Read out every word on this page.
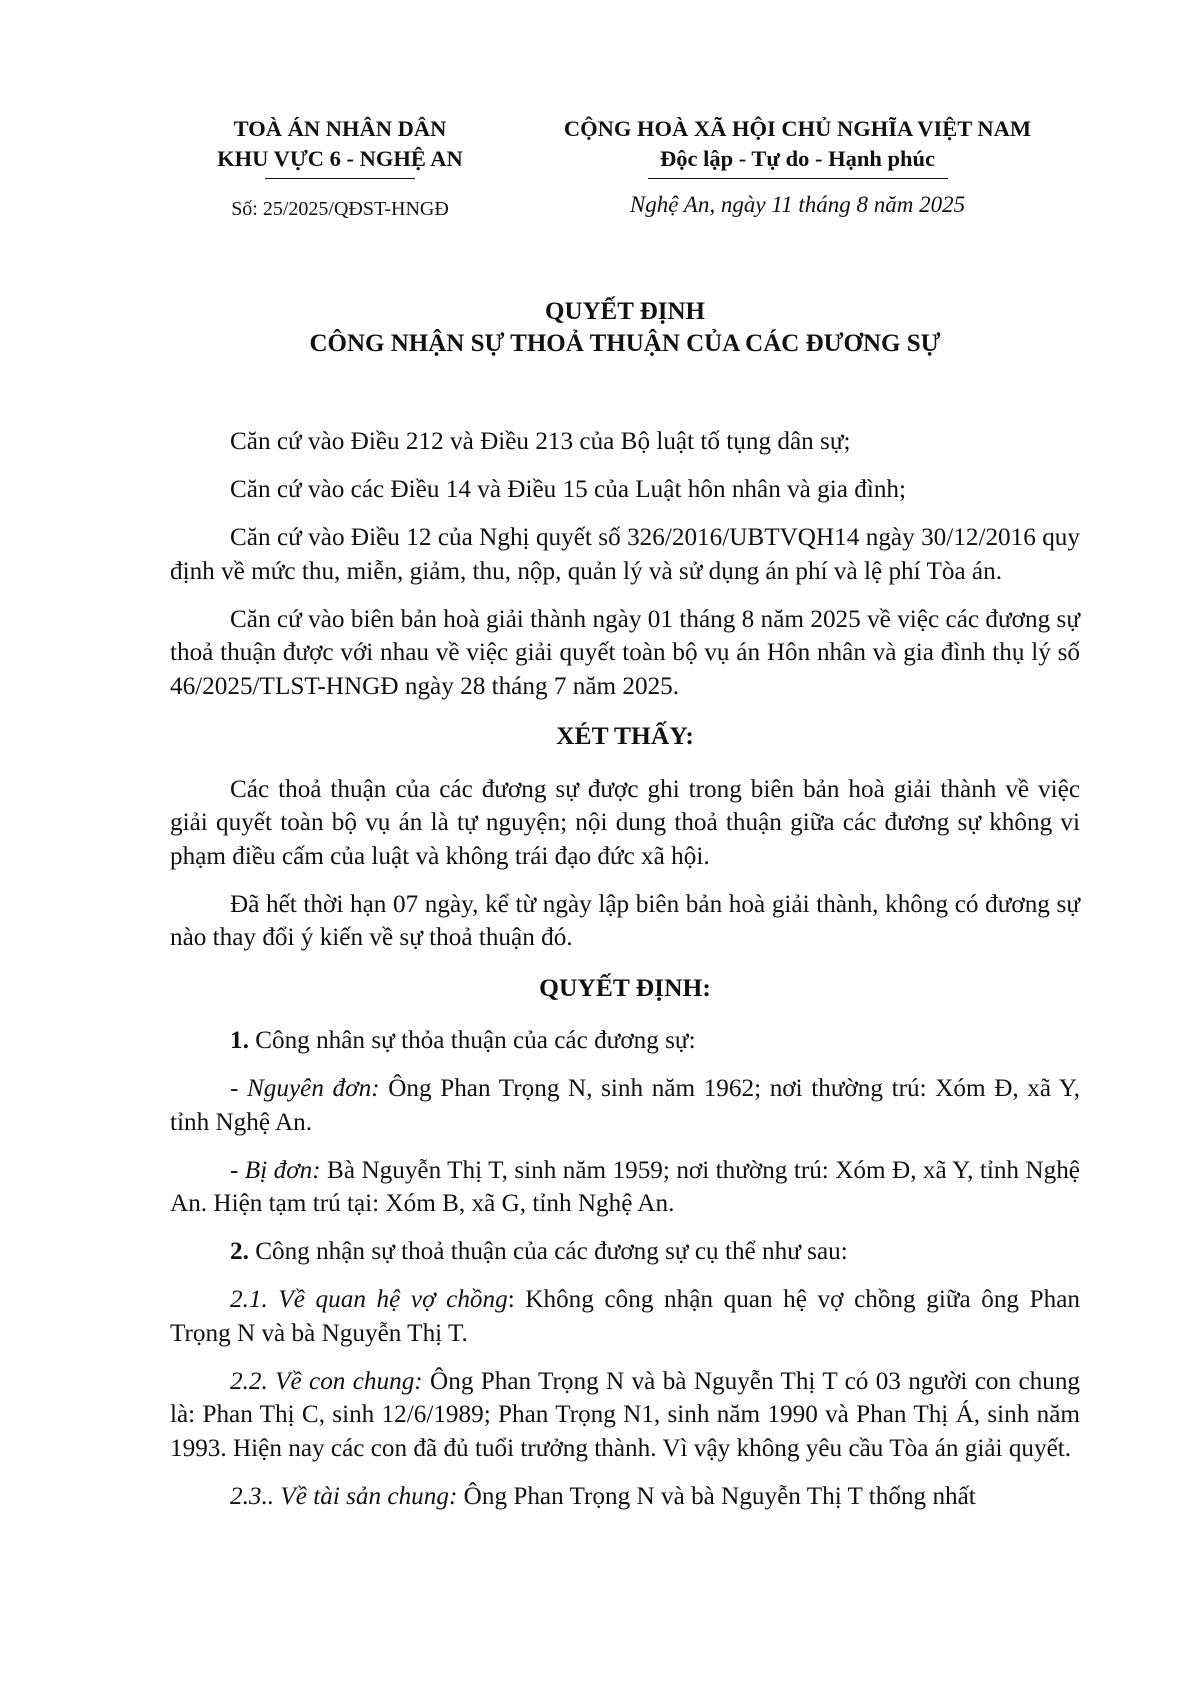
TOÀ ÁN NHÂN DÂN
KHU VỰC 6 - NGHỆ AN
CỘNG HOÀ XÃ HỘI CHỦ NGHĨA VIỆT NAM
Độc lập - Tự do - Hạnh phúc
Số: 25/2025/QĐST-HNGĐ	Nghệ An, ngày 11 tháng 8 năm 2025
QUYẾT ĐỊNH
CÔNG NHẬN SỰ THOẢ THUẬN CỦA CÁC ĐƯƠNG SỰ

Căn cứ vào Điều 212 và Điều 213 của Bộ luật tố tụng dân sự;

Căn cứ vào các Điều 14 và Điều 15 của Luật hôn nhân và gia đình;

Căn cứ vào Điều 12 của Nghị quyết số 326/2016/UBTVQH14 ngày 30/12/2016 quy định về mức thu, miễn, giảm, thu, nộp, quản lý và sử dụng án phí và lệ phí Tòa án.

Căn cứ vào biên bản hoà giải thành ngày 01 tháng 8 năm 2025 về việc các đương sự thoả thuận được với nhau về việc giải quyết toàn bộ vụ án Hôn nhân và gia đình thụ lý số 46/2025/TLST-HNGĐ ngày 28 tháng 7 năm 2025.

XÉT THẤY:

Các thoả thuận của các đương sự được ghi trong biên bản hoà giải thành về việc giải quyết toàn bộ vụ án là tự nguyện; nội dung thoả thuận giữa các đương sự không vi phạm điều cấm của luật và không trái đạo đức xã hội.

Đã hết thời hạn 07 ngày, kể từ ngày lập biên bản hoà giải thành, không có đương sự nào thay đổi ý kiến về sự thoả thuận đó.

QUYẾT ĐỊNH:

1. Công nhân sự thỏa thuận của các đương sự:

- Nguyên đơn: Ông Phan Trọng N, sinh năm 1962; nơi thường trú: Xóm Đ, xã Y, tỉnh Nghệ An.

- Bị đơn: Bà Nguyễn Thị T, sinh năm 1959; nơi thường trú: Xóm Đ, xã Y, tỉnh Nghệ An. Hiện tạm trú tại: Xóm B, xã G, tỉnh Nghệ An.

2. Công nhận sự thoả thuận của các đương sự cụ thể như sau:

2.1. Về quan hệ vợ chồng: Không công nhận quan hệ vợ chồng giữa ông Phan Trọng N và bà Nguyễn Thị T.

2.2. Về con chung: Ông Phan Trọng N và bà Nguyễn Thị T có 03 người con chung là: Phan Thị C, sinh 12/6/1989; Phan Trọng N1, sinh năm 1990 và Phan Thị Á, sinh năm 1993. Hiện nay các con đã đủ tuổi trưởng thành. Vì vậy không yêu cầu Tòa án giải quyết.

2.3.. Về tài sản chung: Ông Phan Trọng N và bà Nguyễn Thị T thống nhất
